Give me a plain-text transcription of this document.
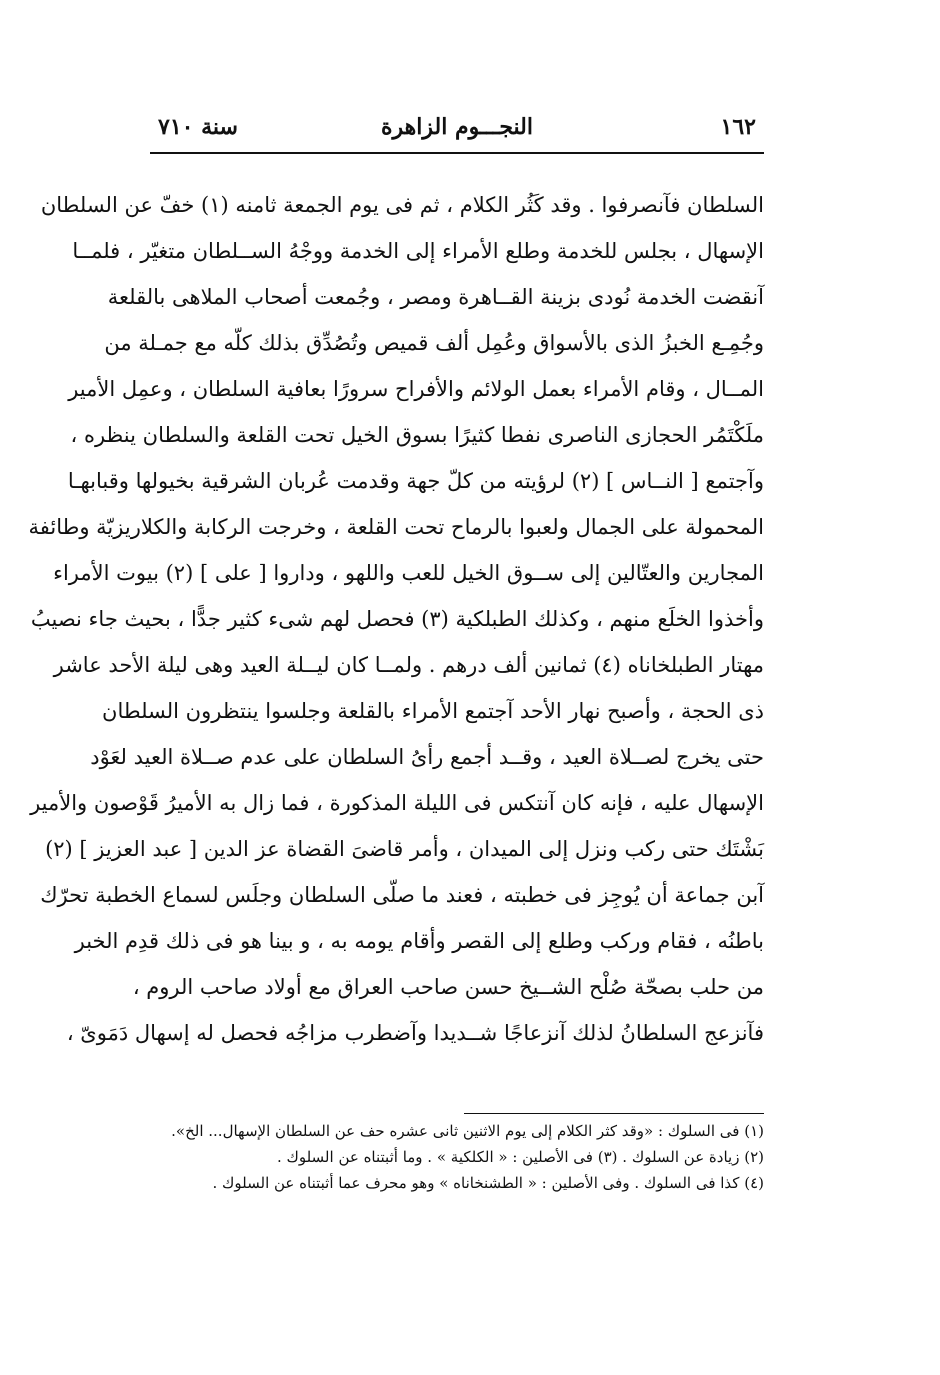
١٦٢
النجـــوم الزاهرة
سنة ٧١٠
السلطان فآنصرفوا . وقد كَثُر الكلام ، ثم فى يوم الجمعة ثامنه (١) خفّ عن السلطان
الإسهال ، بجلس للخدمة وطلع الأمراء إلى الخدمة ووجْهُ الســلطان متغيّر ، فلمــا
آنقضت الخدمة نُودى بزينة القــاهرة ومصر ، وجُمعت أصحاب الملاهى بالقلعة
وجُمِـع الخبزُ الذى بالأسواق وعُمِل ألف قميص وتُصُدِّق بذلك كلّه مع جمـلة من
المــال ، وقام الأمراء بعمل الولائم والأفراح سرورًا بعافية السلطان ، وعمِل الأمير
ملَكْتَمُر الحجازى الناصرى نفطا كثيرًا بسوق الخيل تحت القلعة والسلطان ينظره ،
وآجتمع [ النــاس ] (٢) لرؤيته من كلّ جهة وقدمت عُربان الشرقية بخيولها وقبابهـا
المحمولة على الجمال ولعبوا بالرماح تحت القلعة ، وخرجت الركابة والكلاريزيّة وطائفة
المجارين والعتّالين إلى ســوق الخيل للعب واللهو ، وداروا [ على ] (٢) بيوت الأمراء
وأخذوا الخلَع منهم ، وكذلك الطبلكية (٣) فحصل لهم شىء كثير جدًّا ، بحيث جاء نصيبُ
مهتار الطبلخاناه (٤) ثمانين ألف درهم . ولمــا كان ليــلة العيد وهى ليلة الأحد عاشر
ذى الحجة ، وأصبح نهار الأحد آجتمع الأمراء بالقلعة وجلسوا ينتظرون السلطان
حتى يخرج لصــلاة العيد ، وقــد أجمع رأىُ السلطان على عدم صــلاة العيد لعَوْد
الإسهال عليه ، فإنه كان آنتكس فى الليلة المذكورة ، فما زال به الأميرُ قَوْصون والأمير
بَشْتَك حتى ركب ونزل إلى الميدان ، وأمر قاضىَ القضاة عز الدين [ عبد العزيز ] (٢)
آبن جماعة أن يُوجِز فى خطبته ، فعند ما صلّى السلطان وجلَس لسماع الخطبة تحرّك
باطنُه ، فقام وركب وطلع إلى القصر وأقام يومه به ، و بينا هو فى ذلك قدِم الخبر
من حلب بصحّة صُلْح الشــيخ حسن صاحب العراق مع أولاد صاحب الروم ،
فآنزعج السلطانُ لذلك آنزعاجًا شــديدا وآضطرب مزاجُه فحصل له إسهال دَمَوىّ ،
(١) فى السلوك : «وقد كثر الكلام إلى يوم الاثنين ثانى عشره حف عن السلطان الإسهال... الخ».
(٢) زيادة عن السلوك . (٣) فى الأصلين : « الكلكية » . وما أثبتناه عن السلوك .
(٤) كذا فى السلوك . وفى الأصلين : « الطشنخاناه » وهو محرف عما أثبتناه عن السلوك .
